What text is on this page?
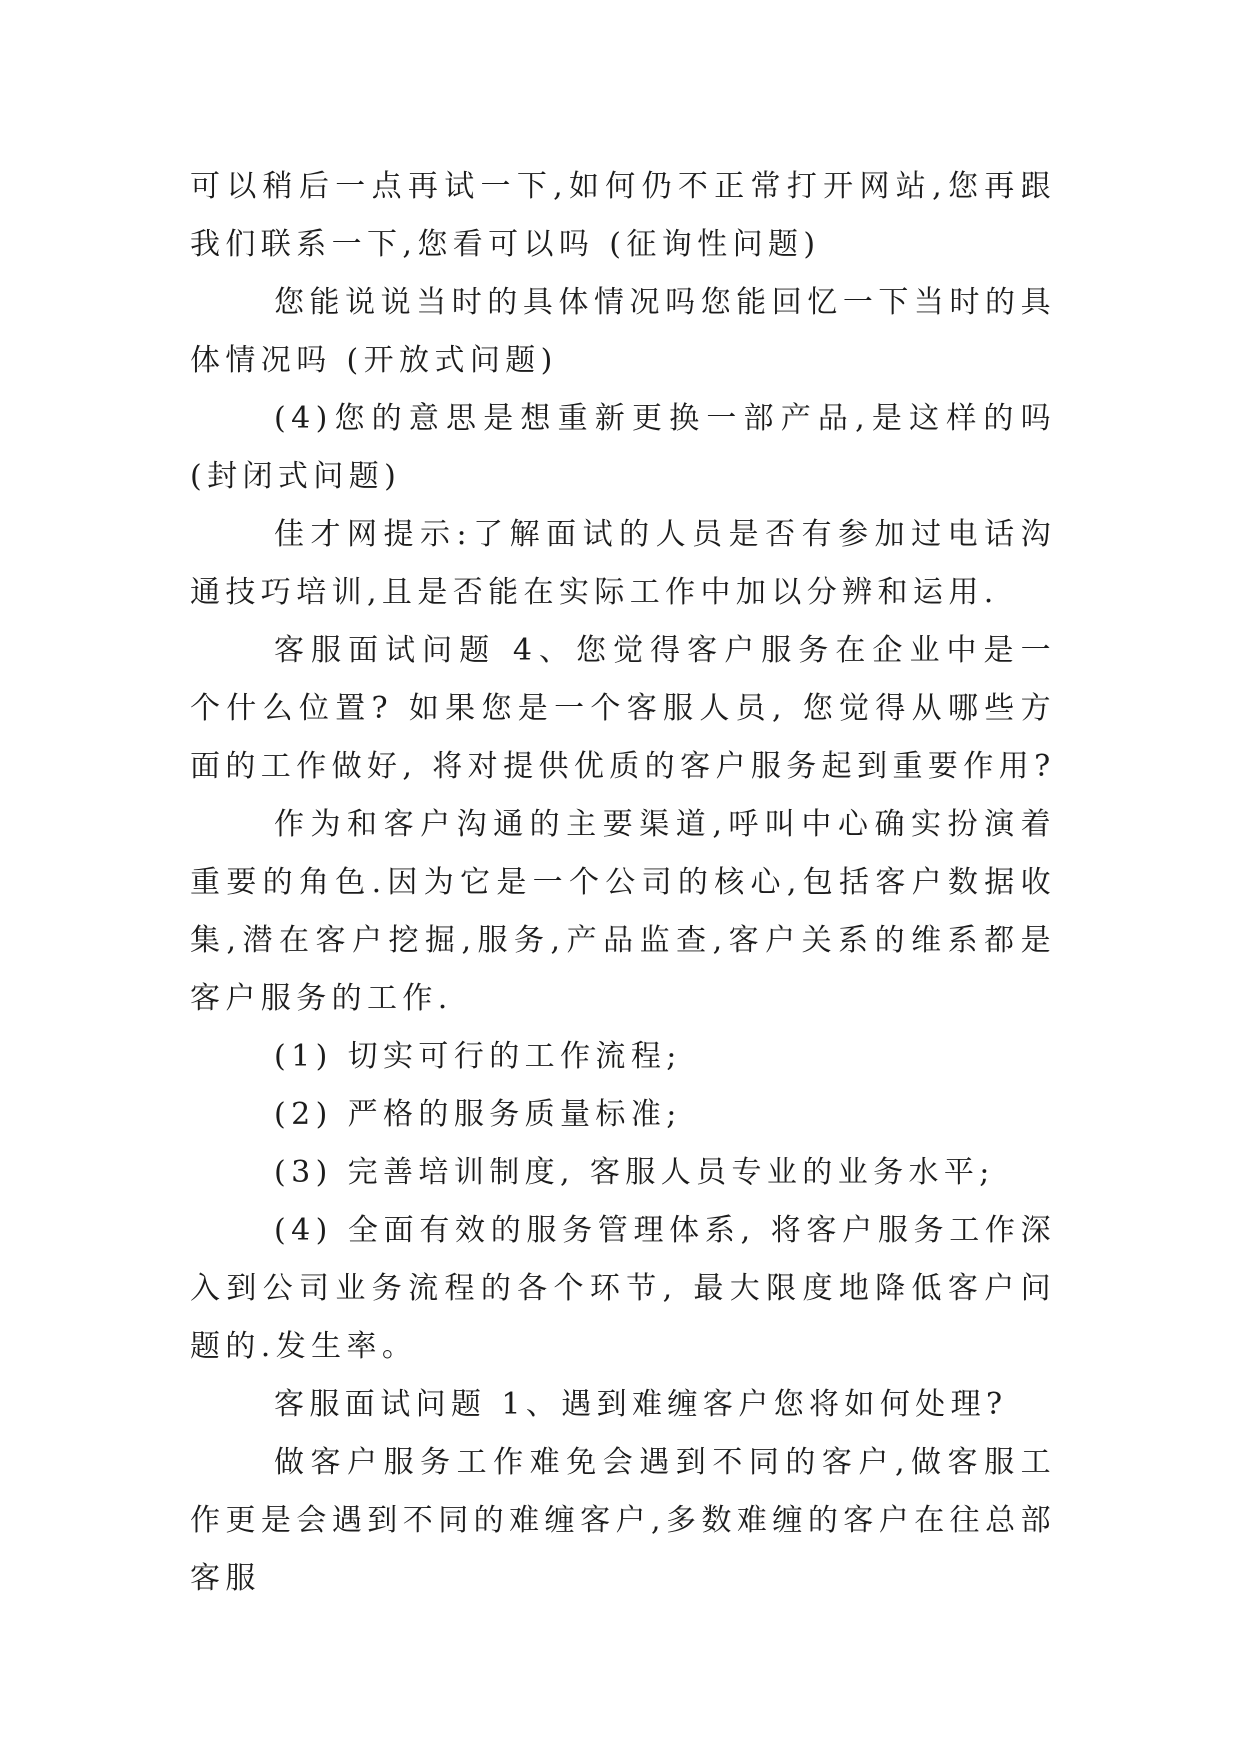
可以稍后一点再试一下,如何仍不正常打开网站,您再跟我们联系一下,您看可以吗 (征询性问题)

您能说说当时的具体情况吗您能回忆一下当时的具体情况吗 (开放式问题)

(4)您的意思是想重新更换一部产品,是这样的吗 (封闭式问题)

佳才网提示:了解面试的人员是否有参加过电话沟通技巧培训,且是否能在实际工作中加以分辨和运用.

客服面试问题 4、您觉得客户服务在企业中是一个什么位置? 如果您是一个客服人员, 您觉得从哪些方面的工作做好, 将对提供优质的客户服务起到重要作用?

作为和客户沟通的主要渠道,呼叫中心确实扮演着重要的角色.因为它是一个公司的核心,包括客户数据收集,潜在客户挖掘,服务,产品监查,客户关系的维系都是客户服务的工作.

(1) 切实可行的工作流程;

(2) 严格的服务质量标准;

(3) 完善培训制度, 客服人员专业的业务水平;

(4) 全面有效的服务管理体系, 将客户服务工作深入到公司业务流程的各个环节, 最大限度地降低客户问题的.发生率。

客服面试问题 1、遇到难缠客户您将如何处理?

做客户服务工作难免会遇到不同的客户,做客服工作更是会遇到不同的难缠客户,多数难缠的客户在往总部客服
